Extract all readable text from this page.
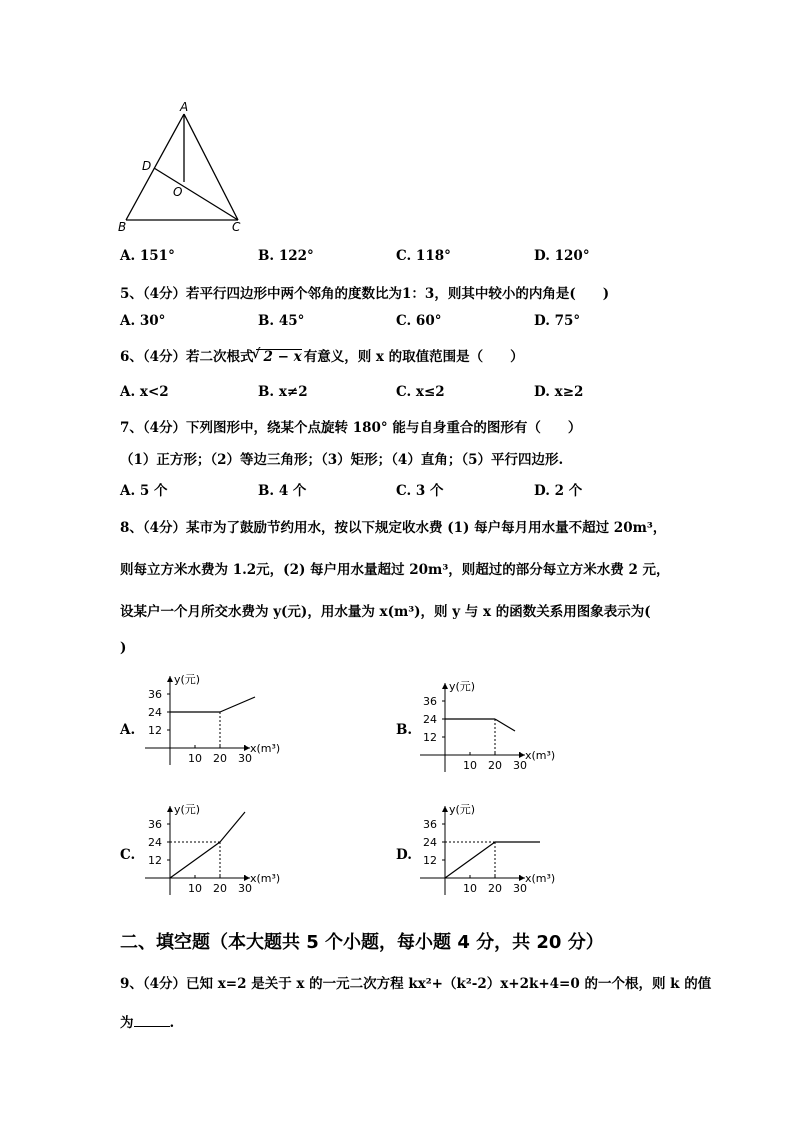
A
D
O
B	C
A. 151°	B. 122°	C. 118°	D. 120°
5、（4分）若平行四边形中两个邻角的度数比为1：3，则其中较小的内角是(　　)
A. 30°	B. 45°	C. 60°	D. 75°
6、（4分）若二次根式√ 2 − x 有意义，则 x 的取值范围是（　　）
A. x<2	B. x≠2	C. x≤2	D. x≥2
7、（4分）下列图形中，绕某个点旋转 180° 能与自身重合的图形有（　　）
（1）正方形；（2）等边三角形；（3）矩形；（4）直角；（5）平行四边形.
A. 5 个	B. 4 个	C. 3 个	D. 2 个
8、（4分）某市为了鼓励节约用水，按以下规定收水费 (1) 每户每月用水量不超过 20m³，
则每立方米水费为 1.2元，(2) 每户用水量超过 20m³，则超过的部分每立方米水费 2 元，
设某户一个月所交水费为 y(元)，用水量为 x(m³)，则 y 与 x 的函数关系用图象表示为(
)
A.	B.
C.	D.
y(元)
x(m³)
36
24
12
10 20 30
y(元)
x(m³)
36
24
12
10 20 30
y(元)
x(m³)
36
24
12
10 20 30
y(元)
x(m³)
36
24
12
10 20 30
二、填空题（本大题共 5 个小题，每小题 4 分，共 20 分）
9、（4分）已知 x=2 是关于 x 的一元二次方程 kx²+（k²-2）x+2k+4=0 的一个根，则 k 的值
为	.
